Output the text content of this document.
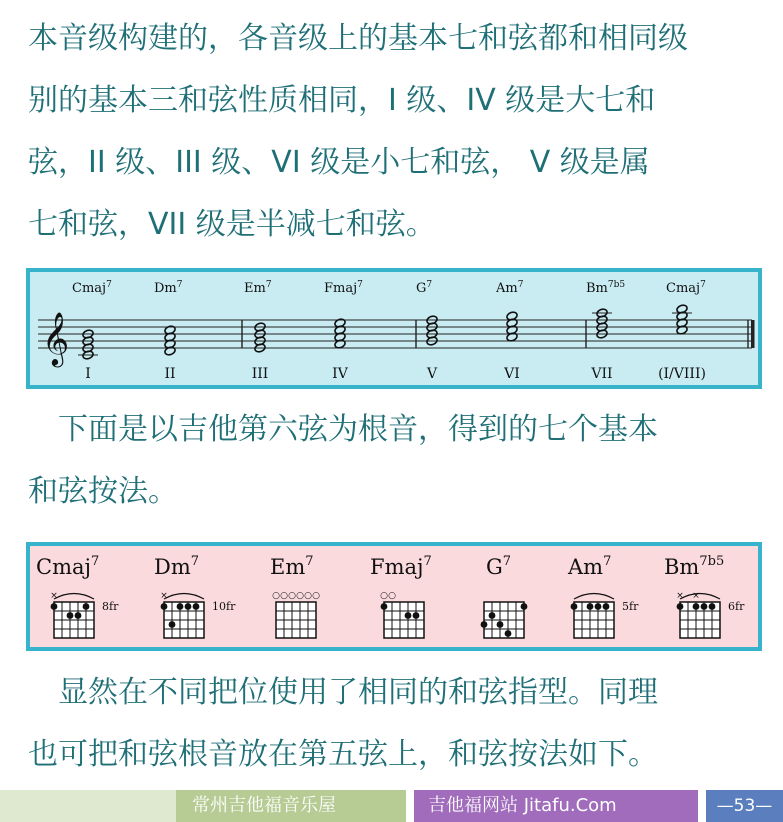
本音级构建的，各音级上的基本七和弦都和相同级
别的基本三和弦性质相同，I 级、IV 级是大七和
弦，II 级、III 级、VI 级是小七和弦， V 级是属
七和弦，VII 级是半减七和弦。
𝄞
Cmaj$^7$
I
Dm$^7$
II
Em$^7$
III
Fmaj$^7$
IV
$G^7$
V
Am$^7$
VI
$Bm^{7b5}$
VII
Cmaj$^7$
(I/VIII)
　下面是以吉他第六弦为根音，得到的七个基本
和弦按法。
Cmaj$^7$
×
8fr
$Dm^7$
×
10fr
Em$^7$
○ ○ ○ ○ ○ ○
Fmaj$^7$
○ ○
$G^7$	Am$^7$
5fr
$Bm^{7b5}$
× ×
6fr
　显然在不同把位使用了相同的和弦指型。同理
也可把和弦根音放在第五弦上，和弦按法如下。
常州吉他福音乐屋	吉他福网站 Jitafu.Com	—53—
